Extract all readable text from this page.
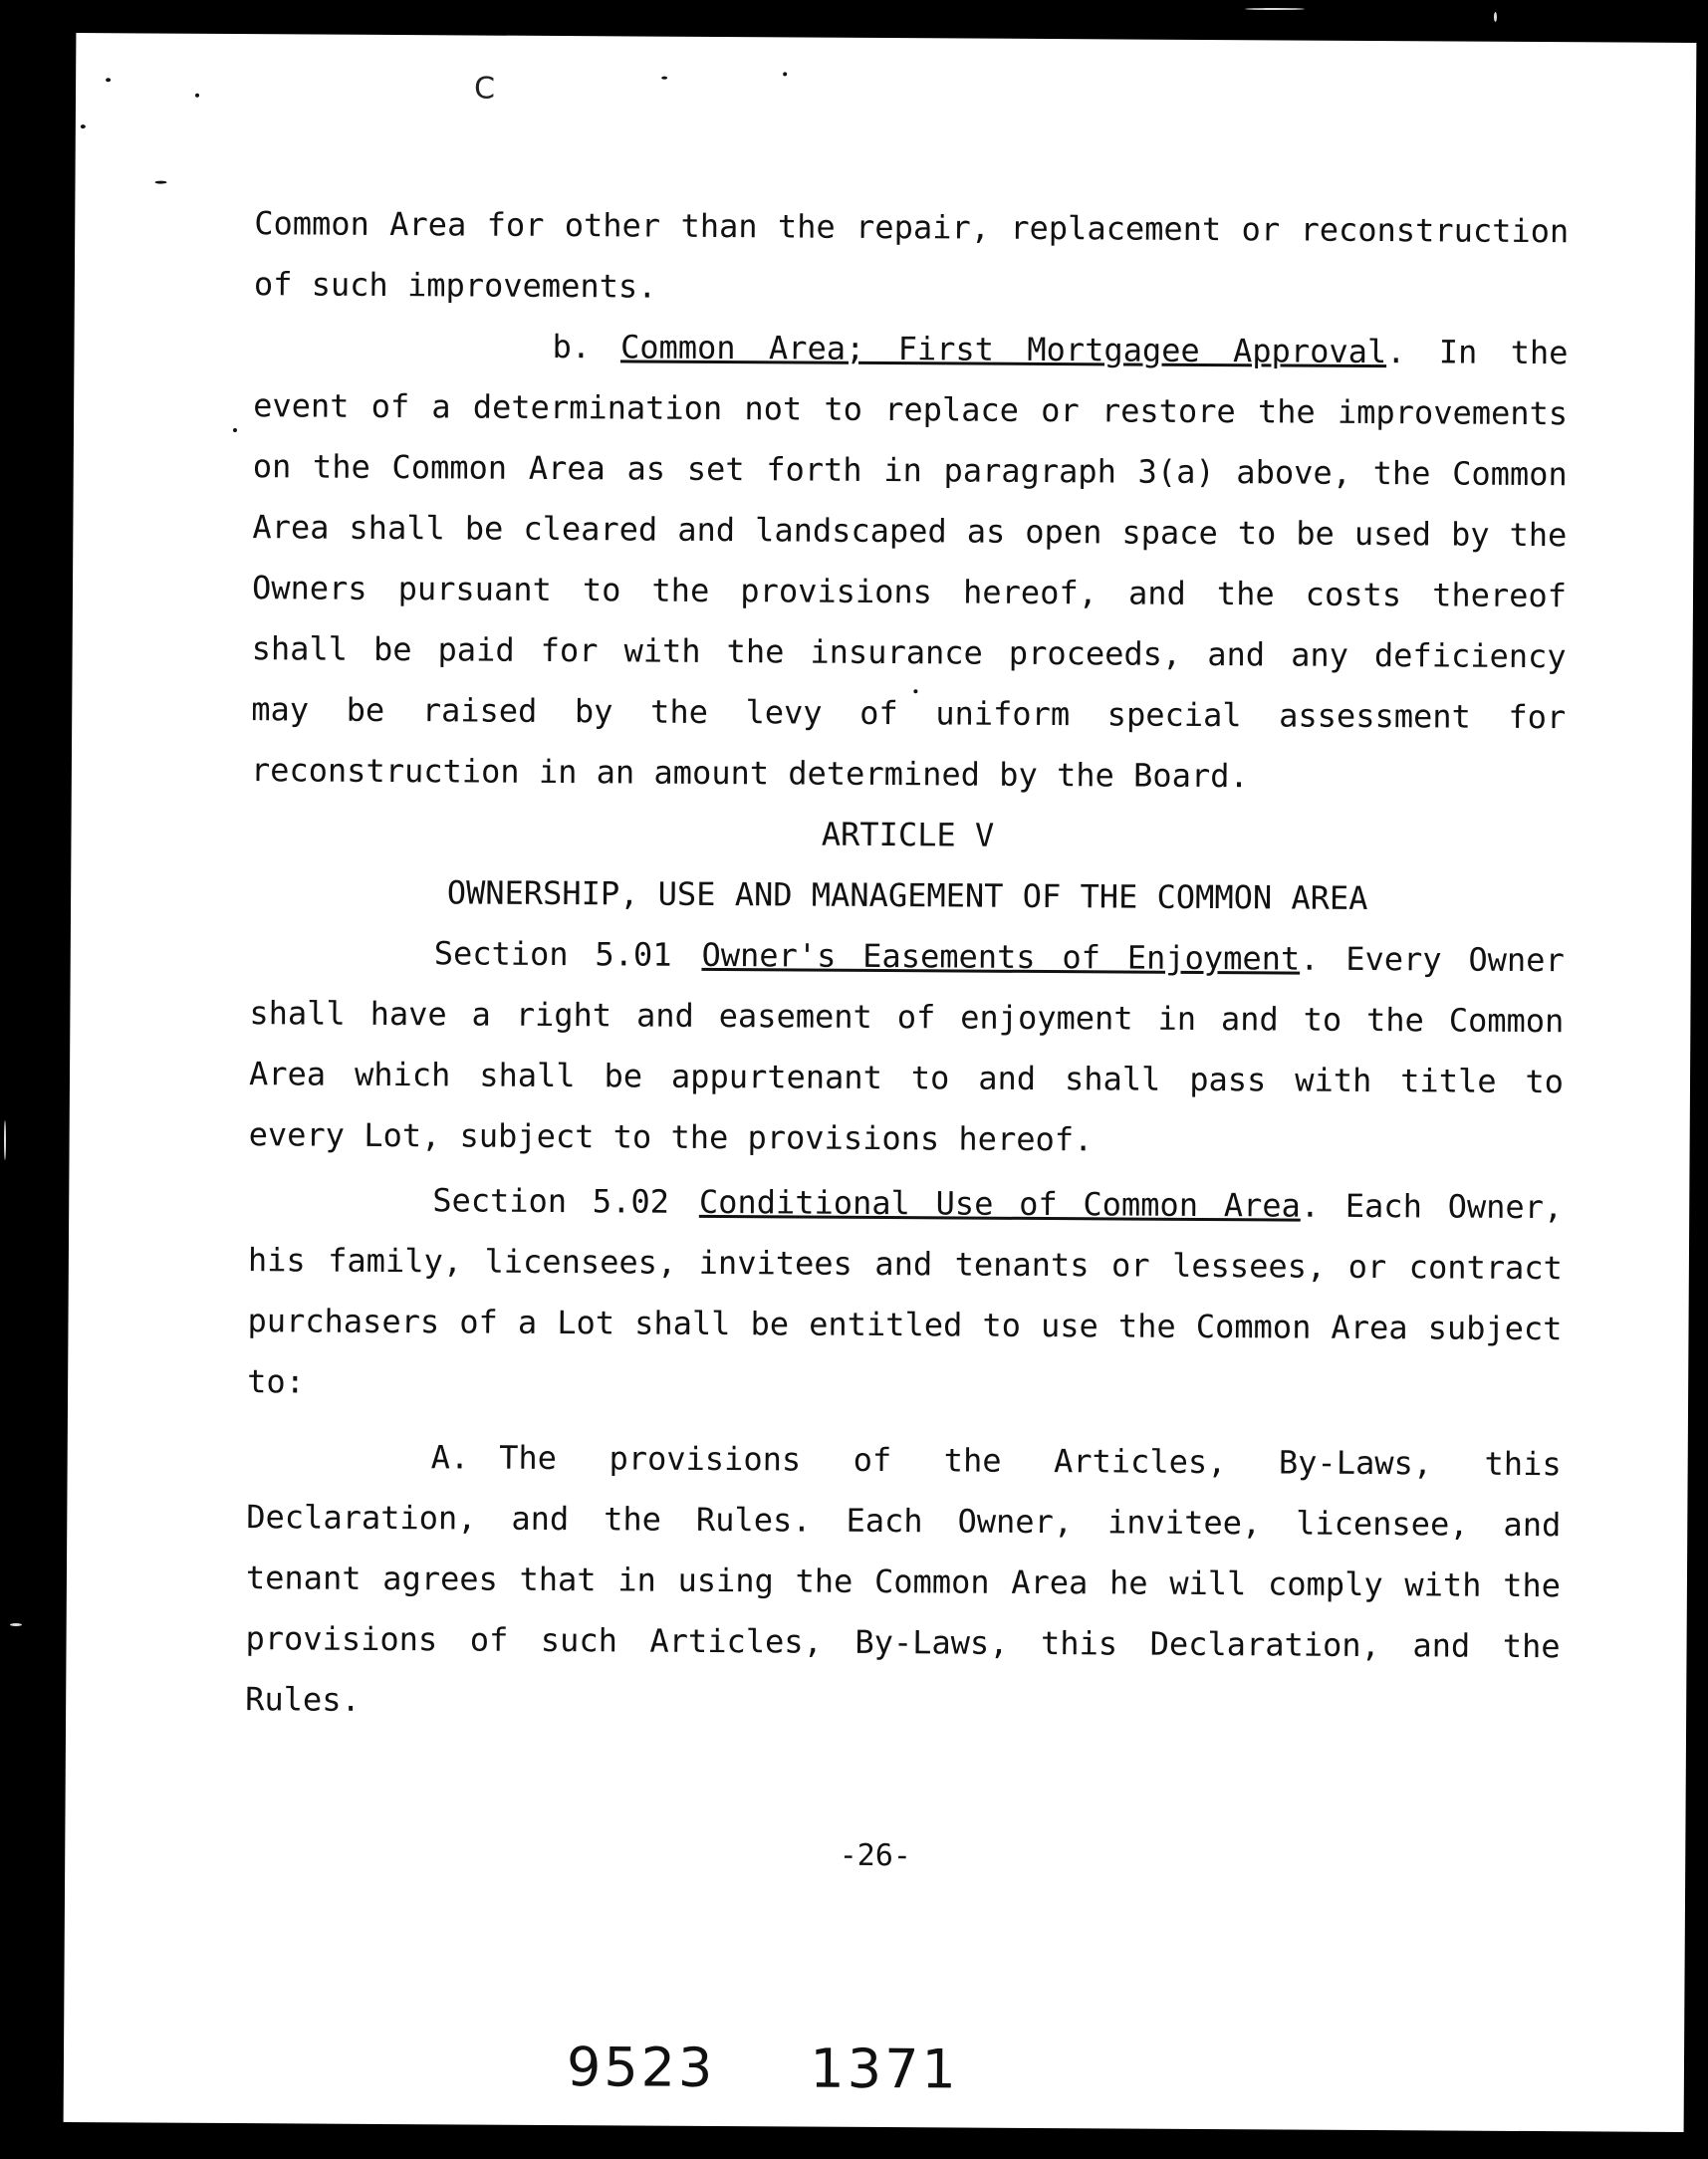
C

Common Area for other than the repair, replacement or reconstruction of such improvements.

b. Common Area; First Mortgagee Approval. In the event of a determination not to replace or restore the improvements on the Common Area as set forth in paragraph 3(a) above, the Common Area shall be cleared and landscaped as open space to be used by the Owners pursuant to the provisions hereof, and the costs thereof shall be paid for with the insurance proceeds, and any deficiency may be raised by the levy of uniform special assessment for reconstruction in an amount determined by the Board.

ARTICLE V

OWNERSHIP, USE AND MANAGEMENT OF THE COMMON AREA

Section 5.01 Owner's Easements of Enjoyment. Every Owner shall have a right and easement of enjoyment in and to the Common Area which shall be appurtenant to and shall pass with title to every Lot, subject to the provisions hereof.

Section 5.02 Conditional Use of Common Area. Each Owner, his family, licensees, invitees and tenants or lessees, or contract purchasers of a Lot shall be entitled to use the Common Area subject to:

A. The provisions of the Articles, By-Laws, this Declaration, and the Rules. Each Owner, invitee, licensee, and tenant agrees that in using the Common Area he will comply with the provisions of such Articles, By-Laws, this Declaration, and the Rules.

-26-
9523 1371
